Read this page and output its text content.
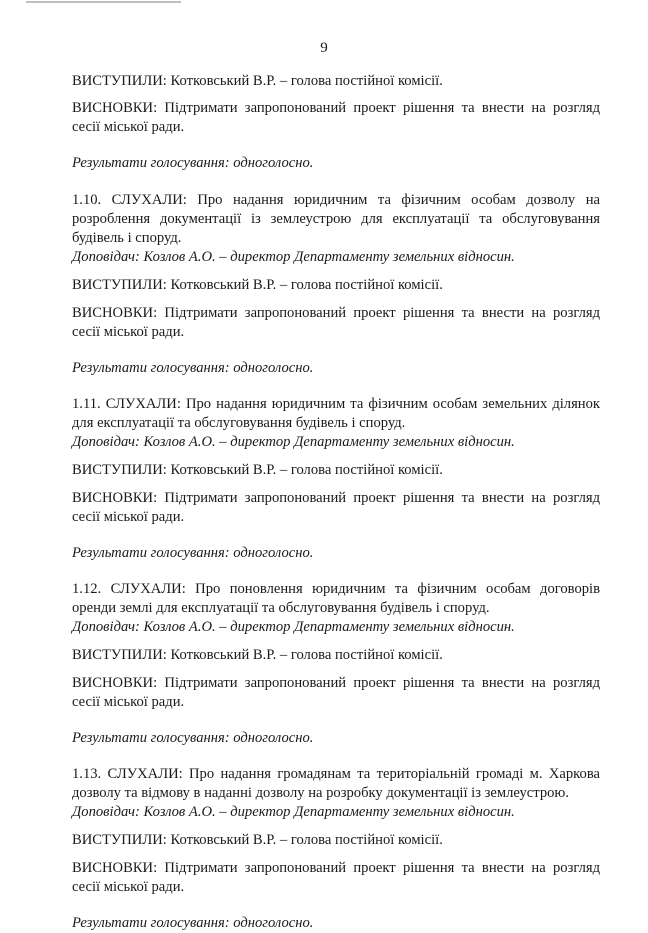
9

ВИСТУПИЛИ: Котковський В.Р. – голова постійної комісії.

ВИСНОВКИ: Підтримати запропонований проект рішення та внести на розгляд сесії міської ради.

Результати голосування: одноголосно.

1.10. СЛУХАЛИ: Про надання юридичним та фізичним особам дозволу на розроблення документації із землеустрою для експлуатації та обслуговування будівель і споруд.

Доповідач: Козлов А.О. – директор Департаменту земельних відносин.

ВИСТУПИЛИ: Котковський В.Р. – голова постійної комісії.

ВИСНОВКИ: Підтримати запропонований проект рішення та внести на розгляд сесії міської ради.

Результати голосування: одноголосно.

1.11. СЛУХАЛИ: Про надання юридичним та фізичним особам земельних ділянок для експлуатації та обслуговування будівель і споруд.

Доповідач: Козлов А.О. – директор Департаменту земельних відносин.

ВИСТУПИЛИ: Котковський В.Р. – голова постійної комісії.

ВИСНОВКИ: Підтримати запропонований проект рішення та внести на розгляд сесії міської ради.

Результати голосування: одноголосно.

1.12. СЛУХАЛИ: Про поновлення юридичним та фізичним особам договорів оренди землі для експлуатації та обслуговування будівель і споруд.

Доповідач: Козлов А.О. – директор Департаменту земельних відносин.

ВИСТУПИЛИ: Котковський В.Р. – голова постійної комісії.

ВИСНОВКИ: Підтримати запропонований проект рішення та внести на розгляд сесії міської ради.

Результати голосування: одноголосно.

1.13. СЛУХАЛИ: Про надання громадянам та територіальній громаді м. Харкова дозволу та відмову в наданні дозволу на розробку документації із землеустрою.

Доповідач: Козлов А.О. – директор Департаменту земельних відносин.

ВИСТУПИЛИ: Котковський В.Р. – голова постійної комісії.

ВИСНОВКИ: Підтримати запропонований проект рішення та внести на розгляд сесії міської ради.

Результати голосування: одноголосно.
